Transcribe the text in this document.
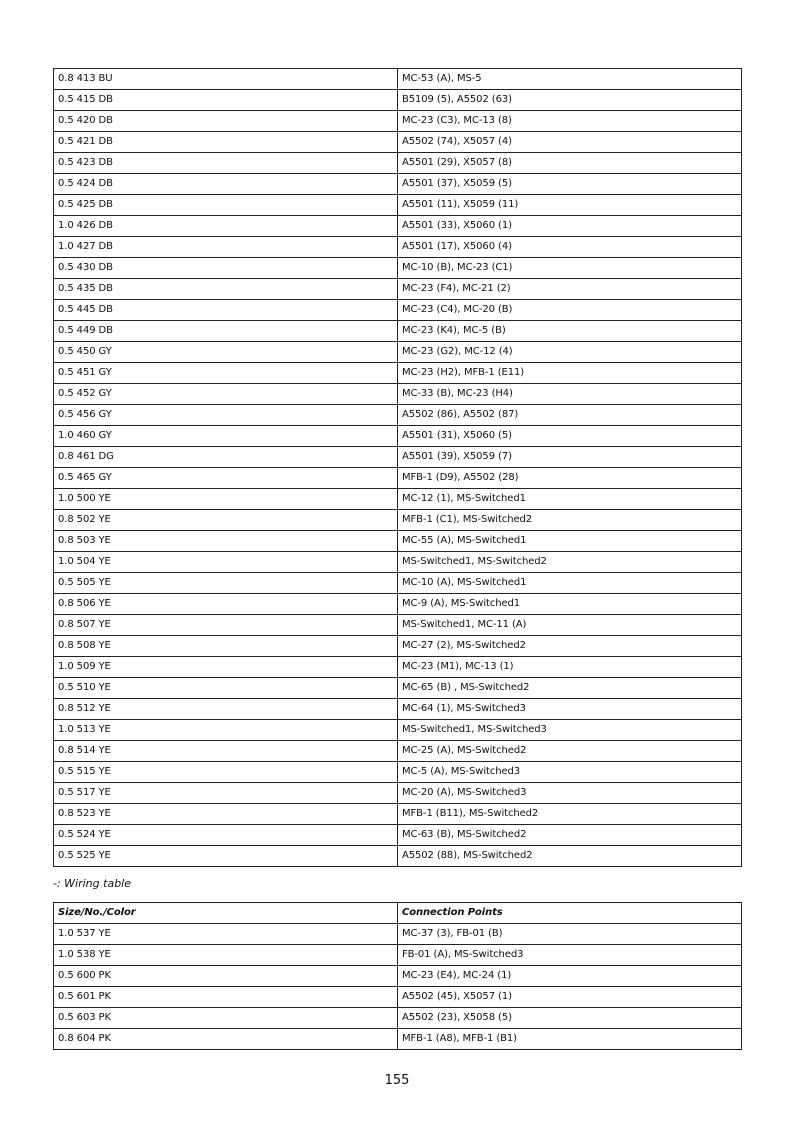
0.8 413 BU	MC-53 (A), MS-5
0.5 415 DB	B5109 (5), A5502 (63)
0.5 420 DB	MC-23 (C3), MC-13 (8)
0.5 421 DB	A5502 (74), X5057 (4)
0.5 423 DB	A5501 (29), X5057 (8)
0.5 424 DB	A5501 (37), X5059 (5)
0.5 425 DB	A5501 (11), X5059 (11)
1.0 426 DB	A5501 (33), X5060 (1)
1.0 427 DB	A5501 (17), X5060 (4)
0.5 430 DB	MC-10 (B), MC-23 (C1)
0.5 435 DB	MC-23 (F4), MC-21 (2)
0.5 445 DB	MC-23 (C4), MC-20 (B)
0.5 449 DB	MC-23 (K4), MC-5 (B)
0.5 450 GY	MC-23 (G2), MC-12 (4)
0.5 451 GY	MC-23 (H2), MFB-1 (E11)
0.5 452 GY	MC-33 (B), MC-23 (H4)
0.5 456 GY	A5502 (86), A5502 (87)
1.0 460 GY	A5501 (31), X5060 (5)
0.8 461 DG	A5501 (39), X5059 (7)
0.5 465 GY	MFB-1 (D9), A5502 (28)
1.0 500 YE	MC-12 (1), MS-Switched1
0.8 502 YE	MFB-1 (C1), MS-Switched2
0.8 503 YE	MC-55 (A), MS-Switched1
1.0 504 YE	MS-Switched1, MS-Switched2
0.5 505 YE	MC-10 (A), MS-Switched1
0.8 506 YE	MC-9 (A), MS-Switched1
0.8 507 YE	MS-Switched1, MC-11 (A)
0.8 508 YE	MC-27 (2), MS-Switched2
1.0 509 YE	MC-23 (M1), MC-13 (1)
0.5 510 YE	MC-65 (B) , MS-Switched2
0.8 512 YE	MC-64 (1), MS-Switched3
1.0 513 YE	MS-Switched1, MS-Switched3
0.8 514 YE	MC-25 (A), MS-Switched2
0.5 515 YE	MC-5 (A), MS-Switched3
0.5 517 YE	MC-20 (A), MS-Switched3
0.8 523 YE	MFB-1 (B11), MS-Switched2
0.5 524 YE	MC-63 (B), MS-Switched2
0.5 525 YE	A5502 (88), MS-Switched2
-: Wiring table
Size/No./Color	Connection Points
1.0 537 YE	MC-37 (3), FB-01 (B)
1.0 538 YE	FB-01 (A), MS-Switched3
0.5 600 PK	MC-23 (E4), MC-24 (1)
0.5 601 PK	A5502 (45), X5057 (1)
0.5 603 PK	A5502 (23), X5058 (5)
0.8 604 PK	MFB-1 (A8), MFB-1 (B1)
155
